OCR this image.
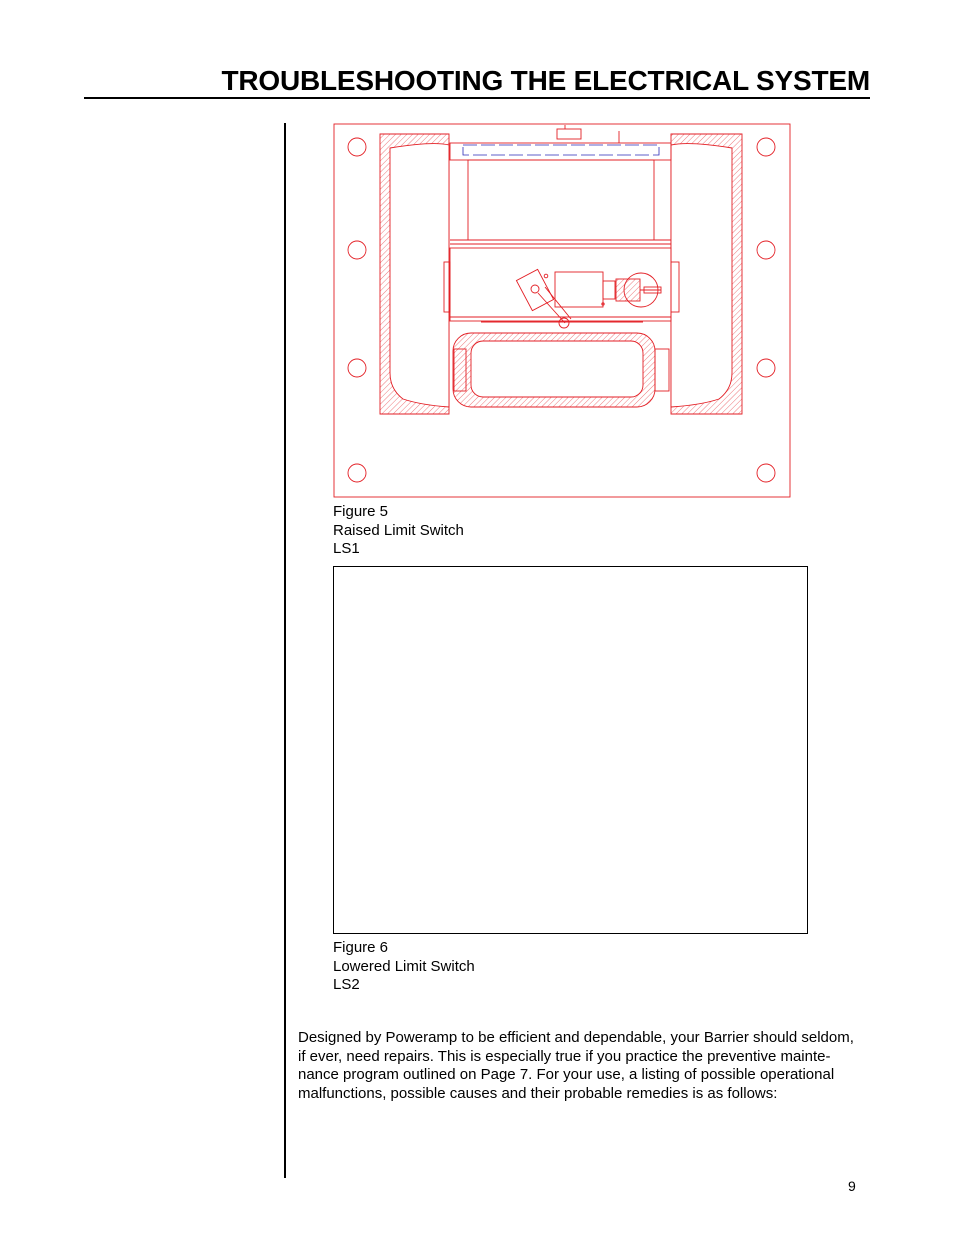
TROUBLESHOOTING THE ELECTRICAL SYSTEM
Figure 5
Raised Limit Switch
LS1
Figure 6
Lowered Limit Switch
LS2
Designed by Poweramp to be efficient and dependable, your Barrier should seldom,
if ever, need repairs. This is especially true if you practice the preventive mainte-
nance program outlined on Page 7. For your use, a listing of possible operational
malfunctions, possible causes and their probable remedies is as follows:
9
